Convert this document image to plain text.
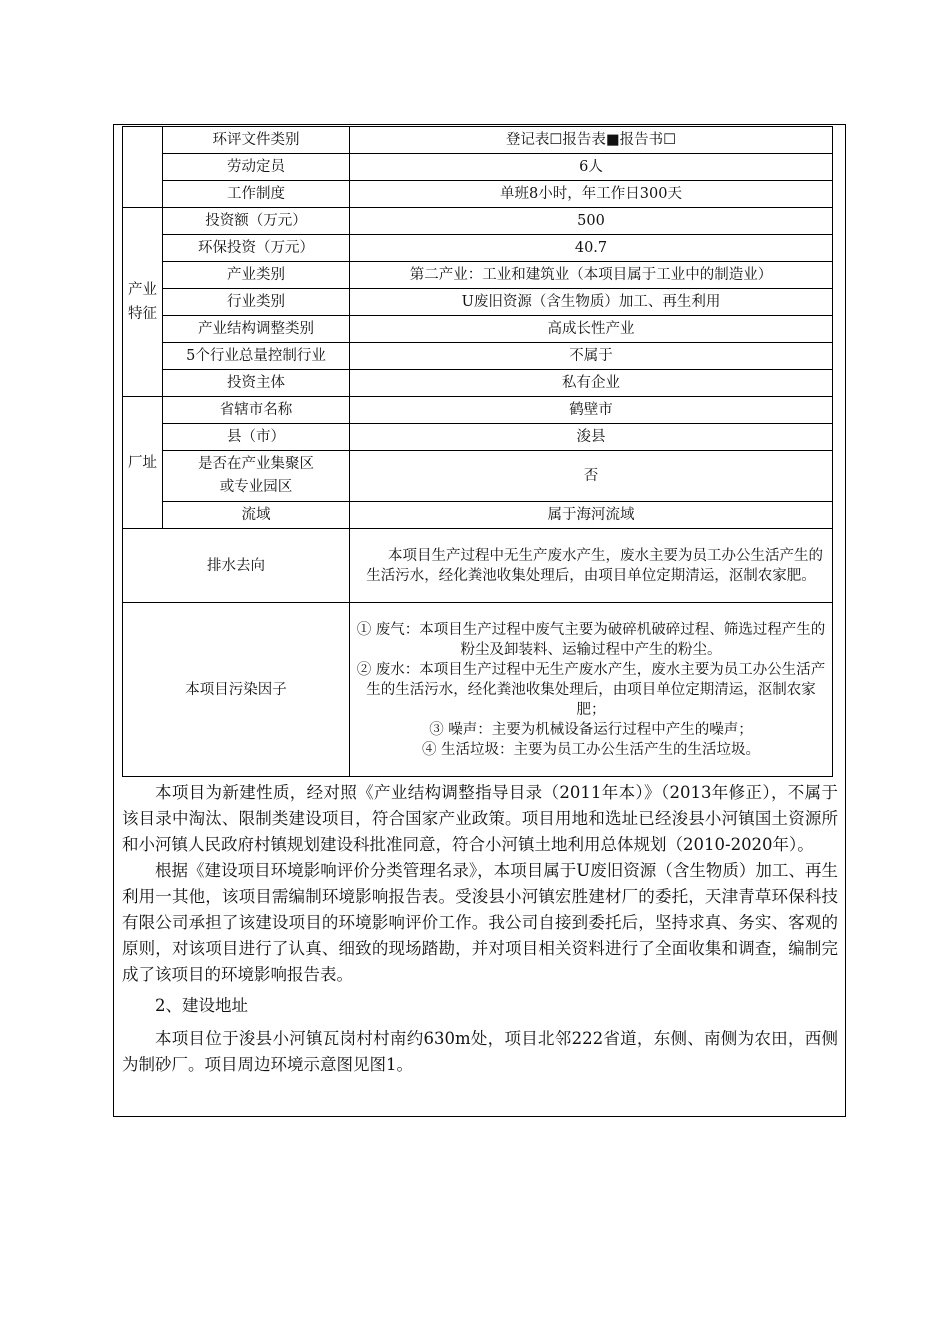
	环评文件类别	登记表☐报告表■报告书☐
	劳动定员	6人
	工作制度	单班8小时，年工作日300天
产业特征	投资额（万元）	500
	环保投资（万元）	40.7
	产业类别	第二产业：工业和建筑业（本项目属于工业中的制造业）
	行业类别	U废旧资源（含生物质）加工、再生利用
	产业结构调整类别	高成长性产业
	5个行业总量控制行业	不属于
	投资主体	私有企业
厂址	省辖市名称	鹤壁市
	县（市）	浚县
	是否在产业集聚区
或专业园区	否
	流域	属于海河流域
排水去向		本项目生产过程中无生产废水产生，废水主要为员工办公生活产生的生活污水，经化粪池收集处理后，由项目单位定期清运，沤制农家肥。
本项目污染因子		① 废气：本项目生产过程中废气主要为破碎机破碎过程、筛选过程产生的粉尘及卸装料、运输过程中产生的粉尘。
② 废水：本项目生产过程中无生产废水产生，废水主要为员工办公生活产生的生活污水，经化粪池收集处理后，由项目单位定期清运，沤制农家肥；
③ 噪声：主要为机械设备运行过程中产生的噪声；
④ 生活垃圾：主要为员工办公生活产生的生活垃圾。

本项目为新建性质，经对照《产业结构调整指导目录（2011年本）》（2013年修正），不属于该目录中淘汰、限制类建设项目，符合国家产业政策。项目用地和选址已经浚县小河镇国土资源所和小河镇人民政府村镇规划建设科批准同意，符合小河镇土地利用总体规划（2010-2020年）。

根据《建设项目环境影响评价分类管理名录》，本项目属于U废旧资源（含生物质）加工、再生利用一其他，该项目需编制环境影响报告表。受浚县小河镇宏胜建材厂的委托，天津青草环保科技有限公司承担了该建设项目的环境影响评价工作。我公司自接到委托后，坚持求真、务实、客观的原则，对该项目进行了认真、细致的现场踏勘，并对项目相关资料进行了全面收集和调查，编制完成了该项目的环境影响报告表。

2、建设地址

本项目位于浚县小河镇瓦岗村村南约630m处，项目北邻222省道，东侧、南侧为农田，西侧为制砂厂。项目周边环境示意图见图1。
